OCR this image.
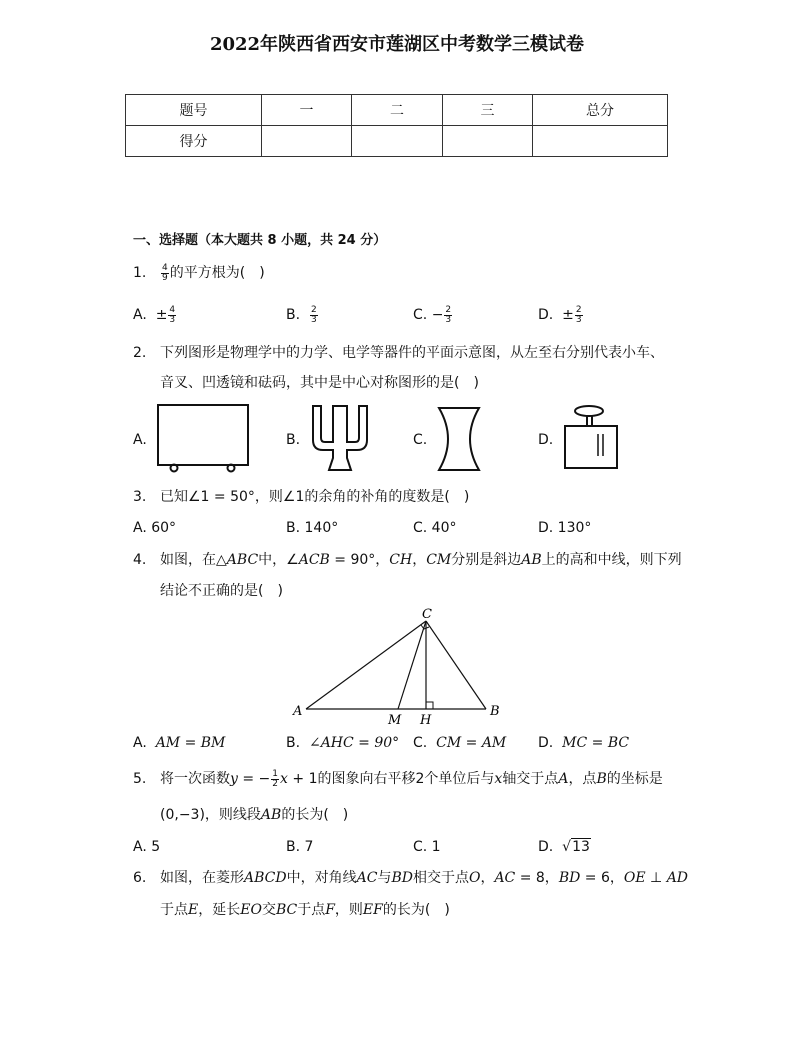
2022年陕西省西安市莲湖区中考数学三模试卷
题号	一	二	三	总分
得分				
一、选择题（本大题共 8 小题，共 24 分）
1. $\frac{4}{9}$ 的平方根为(　)
A. ± $\frac{4}{3}$	B. $\frac{2}{3}$	C. − $\frac{2}{3}$	D. ± $\frac{2}{3}$
2. 下列图形是物理学中的力学、电学等器件的平面示意图，从左至右分别代表小车、
音叉、凹透镜和砝码，其中是中心对称图形的是(　)
A.	B.	C.	D.
3. 已知∠1 = 50°，则∠1的余角的补角的度数是(　)
A. 60°	B. 140°	C. 40°	D. 130°
4. 如图，在△ABC中，∠ACB = 90°，CH，CM分别是斜边AB上的高和中线，则下列
结论不正确的是(　)
C
A	B
M H
A. AM = BM	B. ∠AHC = 90° C. CM = AM D. MC = BC
5. 将一次函数y = − $\frac{1}{2}$ x + 1的图象向右平移2个单位后与x轴交于点A，点B的坐标是
(0,−3)，则线段AB的长为(　)
A. 5	B. 7	C. 1	D.  √13
6. 如图，在菱形ABCD中，对角线AC与BD相交于点O，AC = 8，BD = 6，OE ⊥ AD
于点E，延长EO交BC于点F，则EF的长为(　)
